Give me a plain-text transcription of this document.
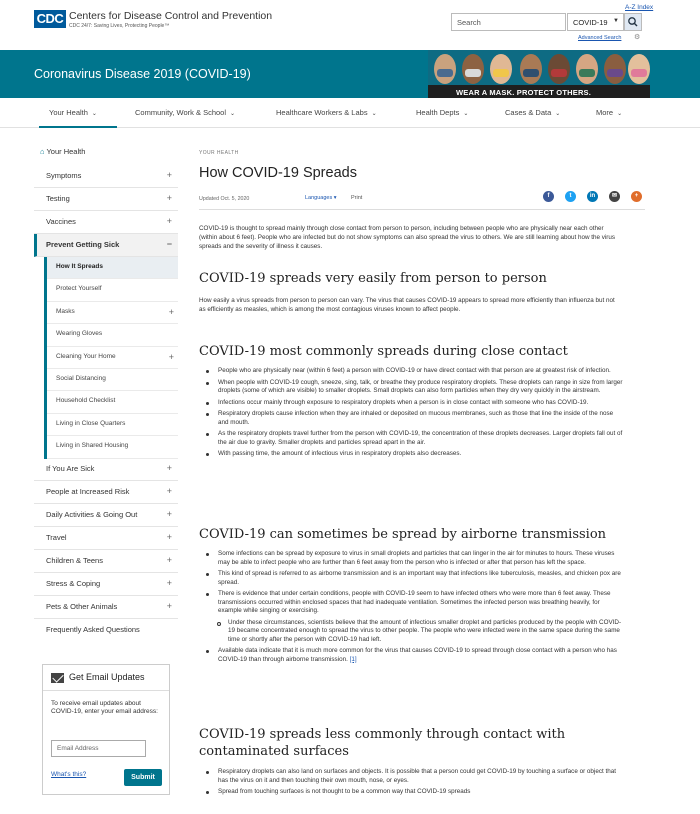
CDC Centers for Disease Control and Prevention
CDC 24/7: Saving Lives, Protecting People™
A-Z Index
Search	COVID-19 ▼
Advanced Search ⚙
Coronavirus Disease 2019 (COVID-19)
WEAR A MASK. PROTECT OTHERS.
Your Health ⌄	Community, Work & School ⌄	Healthcare Workers & Labs ⌄	Health Depts ⌄	Cases & Data ⌄	More ⌄
⌂ Your Health
Symptoms	+
Testing	+
Vaccines	+
Prevent Getting Sick	−
How It Spreads
Protect Yourself
Masks	+
Wearing Gloves
Cleaning Your Home	+
Social Distancing
Household Checklist
Living in Close Quarters
Living in Shared Housing
If You Are Sick	+
People at Increased Risk	+
Daily Activities & Going Out	+
Travel	+
Children & Teens	+
Stress & Coping	+
Pets & Other Animals	+
Frequently Asked Questions
Get Email Updates
To receive email updates about COVID-19, enter your email address:
Email Address
What's this?	Submit
YOUR HEALTH
How COVID-19 Spreads
Updated Oct. 5, 2020	Languages ▾	Print	f	t	in	✉	+
COVID-19 is thought to spread mainly through close contact from person to person, including between people who are physically near each other (within about 6 feet). People who are infected but do not show symptoms can also spread the virus to others. We are still learning about how the virus spreads and the severity of illness it causes.
COVID-19 spreads very easily from person to person
How easily a virus spreads from person to person can vary. The virus that causes COVID-19 appears to spread more efficiently than influenza but not as efficiently as measles, which is among the most contagious viruses known to affect people.
COVID-19 most commonly spreads during close contact
People who are physically near (within 6 feet) a person with COVID-19 or have direct contact with that person are at greatest risk of infection.
When people with COVID-19 cough, sneeze, sing, talk, or breathe they produce respiratory droplets. These droplets can range in size from larger droplets (some of which are visible) to smaller droplets. Small droplets can also form particles when they dry very quickly in the airstream.
Infections occur mainly through exposure to respiratory droplets when a person is in close contact with someone who has COVID-19.
Respiratory droplets cause infection when they are inhaled or deposited on mucous membranes, such as those that line the inside of the nose and mouth.
As the respiratory droplets travel further from the person with COVID-19, the concentration of these droplets decreases. Larger droplets fall out of the air due to gravity. Smaller droplets and particles spread apart in the air.
With passing time, the amount of infectious virus in respiratory droplets also decreases.
COVID-19 can sometimes be spread by airborne transmission
Some infections can be spread by exposure to virus in small droplets and particles that can linger in the air for minutes to hours. These viruses may be able to infect people who are further than 6 feet away from the person who is infected or after that person has left the space.
This kind of spread is referred to as airborne transmission and is an important way that infections like tuberculosis, measles, and chicken pox are spread.
There is evidence that under certain conditions, people with COVID-19 seem to have infected others who were more than 6 feet away. These transmissions occurred within enclosed spaces that had inadequate ventilation. Sometimes the infected person was breathing heavily, for example while singing or exercising.
Under these circumstances, scientists believe that the amount of infectious smaller droplet and particles produced by the people with COVID-19 became concentrated enough to spread the virus to other people. The people who were infected were in the same space during the same time or shortly after the person with COVID-19 had left.
Available data indicate that it is much more common for the virus that causes COVID-19 to spread through close contact with a person who has COVID-19 than through airborne transmission. [1]
COVID-19 spreads less commonly through contact with contaminated surfaces
Respiratory droplets can also land on surfaces and objects. It is possible that a person could get COVID-19 by touching a surface or object that has the virus on it and then touching their own mouth, nose, or eyes.
Spread from touching surfaces is not thought to be a common way that COVID-19 spreads
